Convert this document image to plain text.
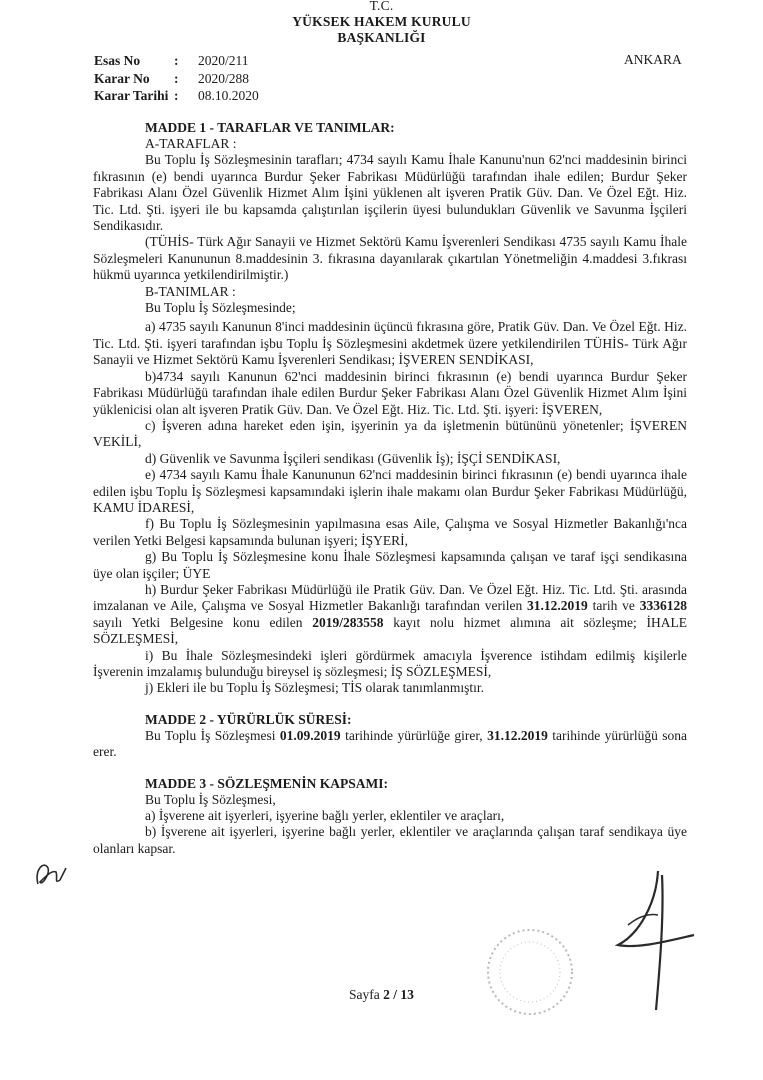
T.C.
YÜKSEK HAKEM KURULU
BAŞKANLIĞI
Esas No	:	2020/211
Karar No	:	2020/288
Karar Tarihi :	08.10.2020
ANKARA

MADDE 1 - TARAFLAR VE TANIMLAR:

A-TARAFLAR :

Bu Toplu İş Sözleşmesinin tarafları; 4734 sayılı Kamu İhale Kanunu'nun 62'nci maddesinin birinci fıkrasının (e) bendi uyarınca Burdur Şeker Fabrikası Müdürlüğü tarafından ihale edilen; Burdur Şeker Fabrikası Alanı Özel Güvenlik Hizmet Alım İşini yüklenen alt işveren Pratik Güv. Dan. Ve Özel Eğt. Hiz. Tic. Ltd. Şti. işyeri ile bu kapsamda çalıştırılan işçilerin üyesi bulundukları Güvenlik ve Savunma İşçileri Sendikasıdır.

(TÜHİS- Türk Ağır Sanayii ve Hizmet Sektörü Kamu İşverenleri Sendikası 4735 sayılı Kamu İhale Sözleşmeleri Kanununun 8.maddesinin 3. fıkrasına dayanılarak çıkartılan Yönetmeliğin 4.maddesi 3.fıkrası hükmü uyarınca yetkilendirilmiştir.)

B-TANIMLAR :

Bu Toplu İş Sözleşmesinde;

a) 4735 sayılı Kanunun 8'inci maddesinin üçüncü fıkrasına göre, Pratik Güv. Dan. Ve Özel Eğt. Hiz. Tic. Ltd. Şti. işyeri tarafından işbu Toplu İş Sözleşmesini akdetmek üzere yetkilendirilen TÜHİS- Türk Ağır Sanayii ve Hizmet Sektörü Kamu İşverenleri Sendikası; İŞVEREN SENDİKASI,

b)4734 sayılı Kanunun 62'nci maddesinin birinci fıkrasının (e) bendi uyarınca Burdur Şeker Fabrikası Müdürlüğü tarafından ihale edilen Burdur Şeker Fabrikası Alanı Özel Güvenlik Hizmet Alım İşini yüklenicisi olan alt işveren Pratik Güv. Dan. Ve Özel Eğt. Hiz. Tic. Ltd. Şti. işyeri: İŞVEREN,

c) İşveren adına hareket eden işin, işyerinin ya da işletmenin bütününü yönetenler; İŞVEREN VEKİLİ,

d) Güvenlik ve Savunma İşçileri sendikası (Güvenlik İş); İŞÇİ SENDİKASI,

e) 4734 sayılı Kamu İhale Kanununun 62'nci maddesinin birinci fıkrasının (e) bendi uyarınca ihale edilen işbu Toplu İş Sözleşmesi kapsamındaki işlerin ihale makamı olan Burdur Şeker Fabrikası Müdürlüğü, KAMU İDARESİ,

f) Bu Toplu İş Sözleşmesinin yapılmasına esas Aile, Çalışma ve Sosyal Hizmetler Bakanlığı'nca verilen Yetki Belgesi kapsamında bulunan işyeri; İŞYERİ,

g) Bu Toplu İş Sözleşmesine konu İhale Sözleşmesi kapsamında çalışan ve taraf işçi sendikasına üye olan işçiler; ÜYE

h) Burdur Şeker Fabrikası Müdürlüğü ile Pratik Güv. Dan. Ve Özel Eğt. Hiz. Tic. Ltd. Şti. arasında imzalanan ve Aile, Çalışma ve Sosyal Hizmetler Bakanlığı tarafından verilen 31.12.2019 tarih ve 3336128 sayılı Yetki Belgesine konu edilen 2019/283558 kayıt nolu hizmet alımına ait sözleşme; İHALE SÖZLEŞMESİ,

i) Bu İhale Sözleşmesindeki işleri gördürmek amacıyla İşverence istihdam edilmiş kişilerle İşverenin imzalamış bulunduğu bireysel iş sözleşmesi; İŞ SÖZLEŞMESİ,

j) Ekleri ile bu Toplu İş Sözleşmesi; TİS olarak tanımlanmıştır.

MADDE 2 - YÜRÜRLÜK SÜRESİ:

Bu Toplu İş Sözleşmesi 01.09.2019 tarihinde yürürlüğe girer, 31.12.2019 tarihinde yürürlüğü sona erer.

MADDE 3 - SÖZLEŞMENİN KAPSAMI:

Bu Toplu İş Sözleşmesi,

a) İşverene ait işyerleri, işyerine bağlı yerler, eklentiler ve araçları,

b) İşverene ait işyerleri, işyerine bağlı yerler, eklentiler ve araçlarında çalışan taraf sendikaya üye olanları kapsar.

Sayfa 2 / 13
